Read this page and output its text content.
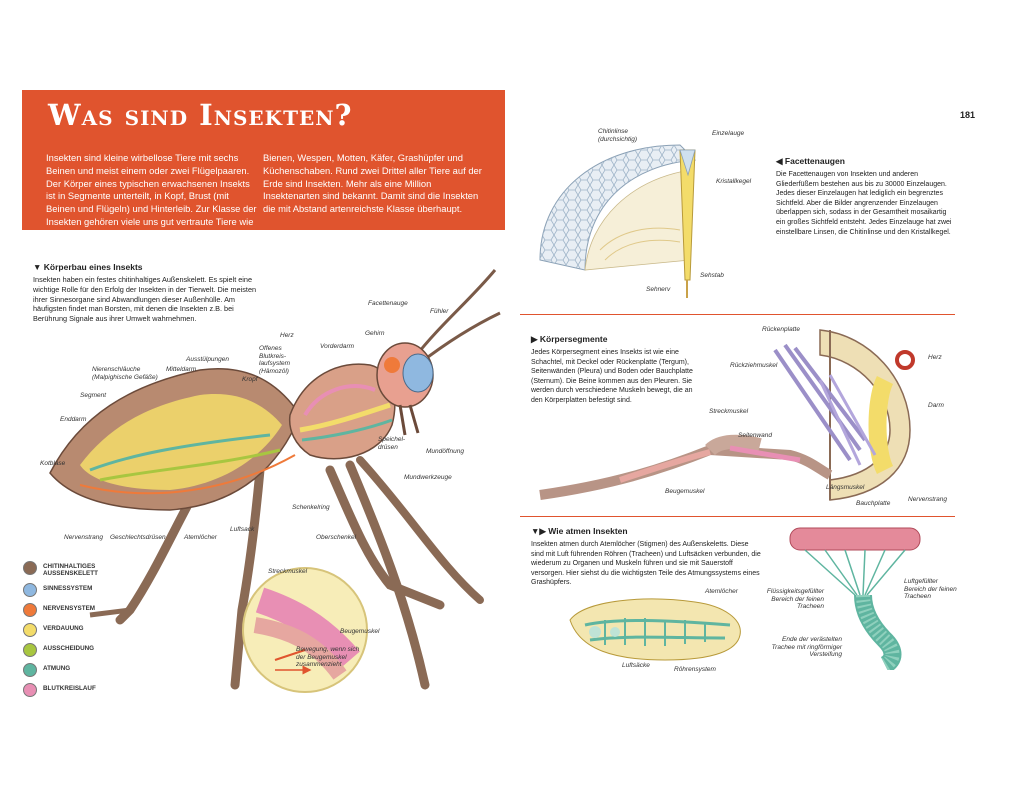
Was sind Insekten?
Insekten sind kleine wirbellose Tiere mit sechs Beinen und meist einem oder zwei Flügelpaaren. Der Körper eines typischen erwachsenen Insekts ist in Segmente unterteilt, in Kopf, Brust (mit Beinen und Flügeln) und Hinterleib. Zur Klasse der Insekten gehören viele uns gut vertraute Tiere wie Fliegen,
Bienen, Wespen, Motten, Käfer, Grashüpfer und Küchenschaben. Rund zwei Drittel aller Tiere auf der Erde sind Insekten. Mehr als eine Million Insektenarten sind bekannt. Damit sind die Insekten die mit Abstand artenreichste Klasse überhaupt.
▼ Körperbau eines Insekts
Insekten haben ein festes chitinhaltiges Außenskelett. Es spielt eine wichtige Rolle für den Erfolg der Insekten in der Tierwelt. Die meisten ihrer Sinnesorgane sind Abwandlungen dieser Außenhülle. Am häufigsten findet man Borsten, mit denen die Insekten z.B. bei Berührung Signale aus ihrer Umwelt wahrnehmen.
Facettenauge
Fühler
Gehirn
Herz
Vorderdarm
Offenes Blutkreis- laufsystem (Hämozöl)
Ausstülpungen
Nierenschläuche (Malpighische Gefäße)
Mitteldarm
Kropf
Segment
Enddarm
Kotblase
Speichel- drüsen
Mundöffnung
Mundwerkzeuge
Schenkelring
Oberschenkel
Luftsack
Nervenstrang Geschlechtsdrüsen	Atemlöcher
Streckmuskel
Beugemuskel
Bewegung, wenn sich der Beugemuskel zusammenzieht
CHITINHALTIGES AUSSENSKELETT
SINNESSYSTEM
NERVENSYSTEM
VERDAUUNG
AUSSCHEIDUNG
ATMUNG
BLUTKREISLAUF
181
Chitinlinse (durchsichtig)
Einzelauge
Kristallkegel
Sehstab
Sehnerv
◀ Facettenaugen
Die Facettenaugen von Insekten und anderen Gliederfüßern bestehen aus bis zu 30000 Einzelaugen. Jedes dieser Einzelaugen hat lediglich ein begrenztes Sichtfeld. Aber die Bilder angrenzender Einzelaugen überlappen sich, sodass in der Gesamtheit mosaikartig ein großes Sichtfeld entsteht. Jedes Einzelauge hat zwei einstellbare Linsen, die Chitinlinse und den Kristallkegel.
▶ Körpersegmente
Jedes Körpersegment eines Insekts ist wie eine Schachtel, mit Deckel oder Rückenplatte (Tergum), Seitenwänden (Pleura) und Boden oder Bauchplatte (Sternum). Die Beine kommen aus den Pleuren. Sie werden durch verschiedene Muskeln bewegt, die an den Körperplatten befestigt sind.
Rückenplatte
Herz
Rückziehmuskel
Darm
Streckmuskel
Seitenwand
Beugemuskel
Längsmuskel
Bauchplatte
Nervenstrang
▼▶ Wie atmen Insekten
Insekten atmen durch Atemlöcher (Stigmen) des Außenskeletts. Diese sind mit Luft führenden Röhren (Tracheen) und Luftsäcken verbunden, die wiederum zu Organen und Muskeln führen und sie mit Sauerstoff versorgen. Hier siehst du die wichtigsten Teile des Atmungssystems eines Grashüpfers.
Atemlöcher
Luftsäcke
Röhrensystem
Flüssigkeitsgefüllter Bereich der feinen Tracheen
Luftgefüllter Bereich der feinen Tracheen
Ende der verästelten Trachee mit ringförmiger Versteifung
